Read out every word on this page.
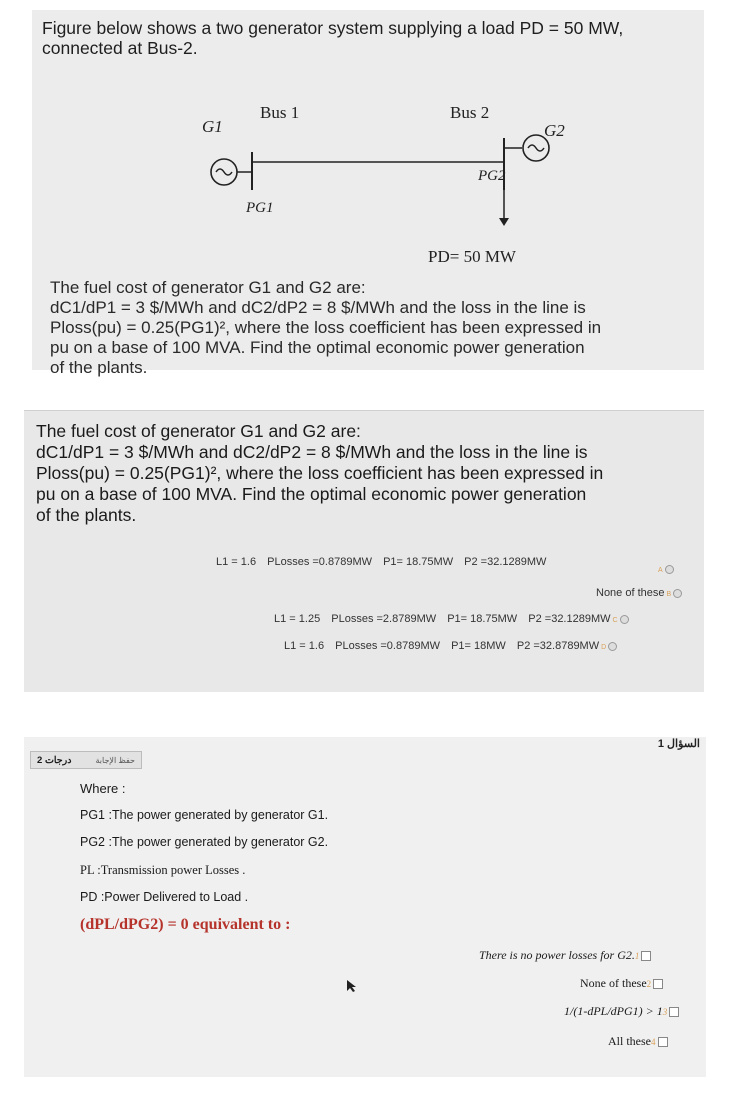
Figure below shows a two generator system supplying a load PD = 50 MW, connected at Bus-2.

Bus 1
G1
PG1
Bus 2
G2
PG2
PD= 50 MW

The fuel cost of generator G1 and G2 are:

dC1/dP1 = 3 $/MWh and dC2/dP2 = 8 $/MWh and the loss in the line is

Ploss(pu) = 0.25(PG1)², where the loss coefficient has been expressed in

pu on a base of 100 MVA. Find the optimal economic power generation

of the plants.

The fuel cost of generator G1 and G2 are:
dC1/dP1 = 3 $/MWh and dC2/dP2 = 8 $/MWh and the loss in the line is
Ploss(pu) = 0.25(PG1)², where the loss coefficient has been expressed in
pu on a base of 100 MVA. Find the optimal economic power generation
of the plants.
L1 = 1.6 PLosses =0.8789MW P1= 18.75MW P2 =32.1289MW
A
None of these B
L1 = 1.25 PLosses =2.8789MW P1= 18.75MW P2 =32.1289MW C
L1 = 1.6 PLosses =0.8789MW P1= 18MW P2 =32.8789MW D
السؤال 1
2 درجات	حفظ الإجابة
Where :
PG1 :The power generated by generator G1.
PG2 :The power generated by generator G2.
PL :Transmission power Losses .
PD :Power Delivered to Load .
(dPL/dPG2) = 0 equivalent to :
There is no power losses for G2.1
None of these2
1/(1-dPL/dPG1) > 13
All these4
